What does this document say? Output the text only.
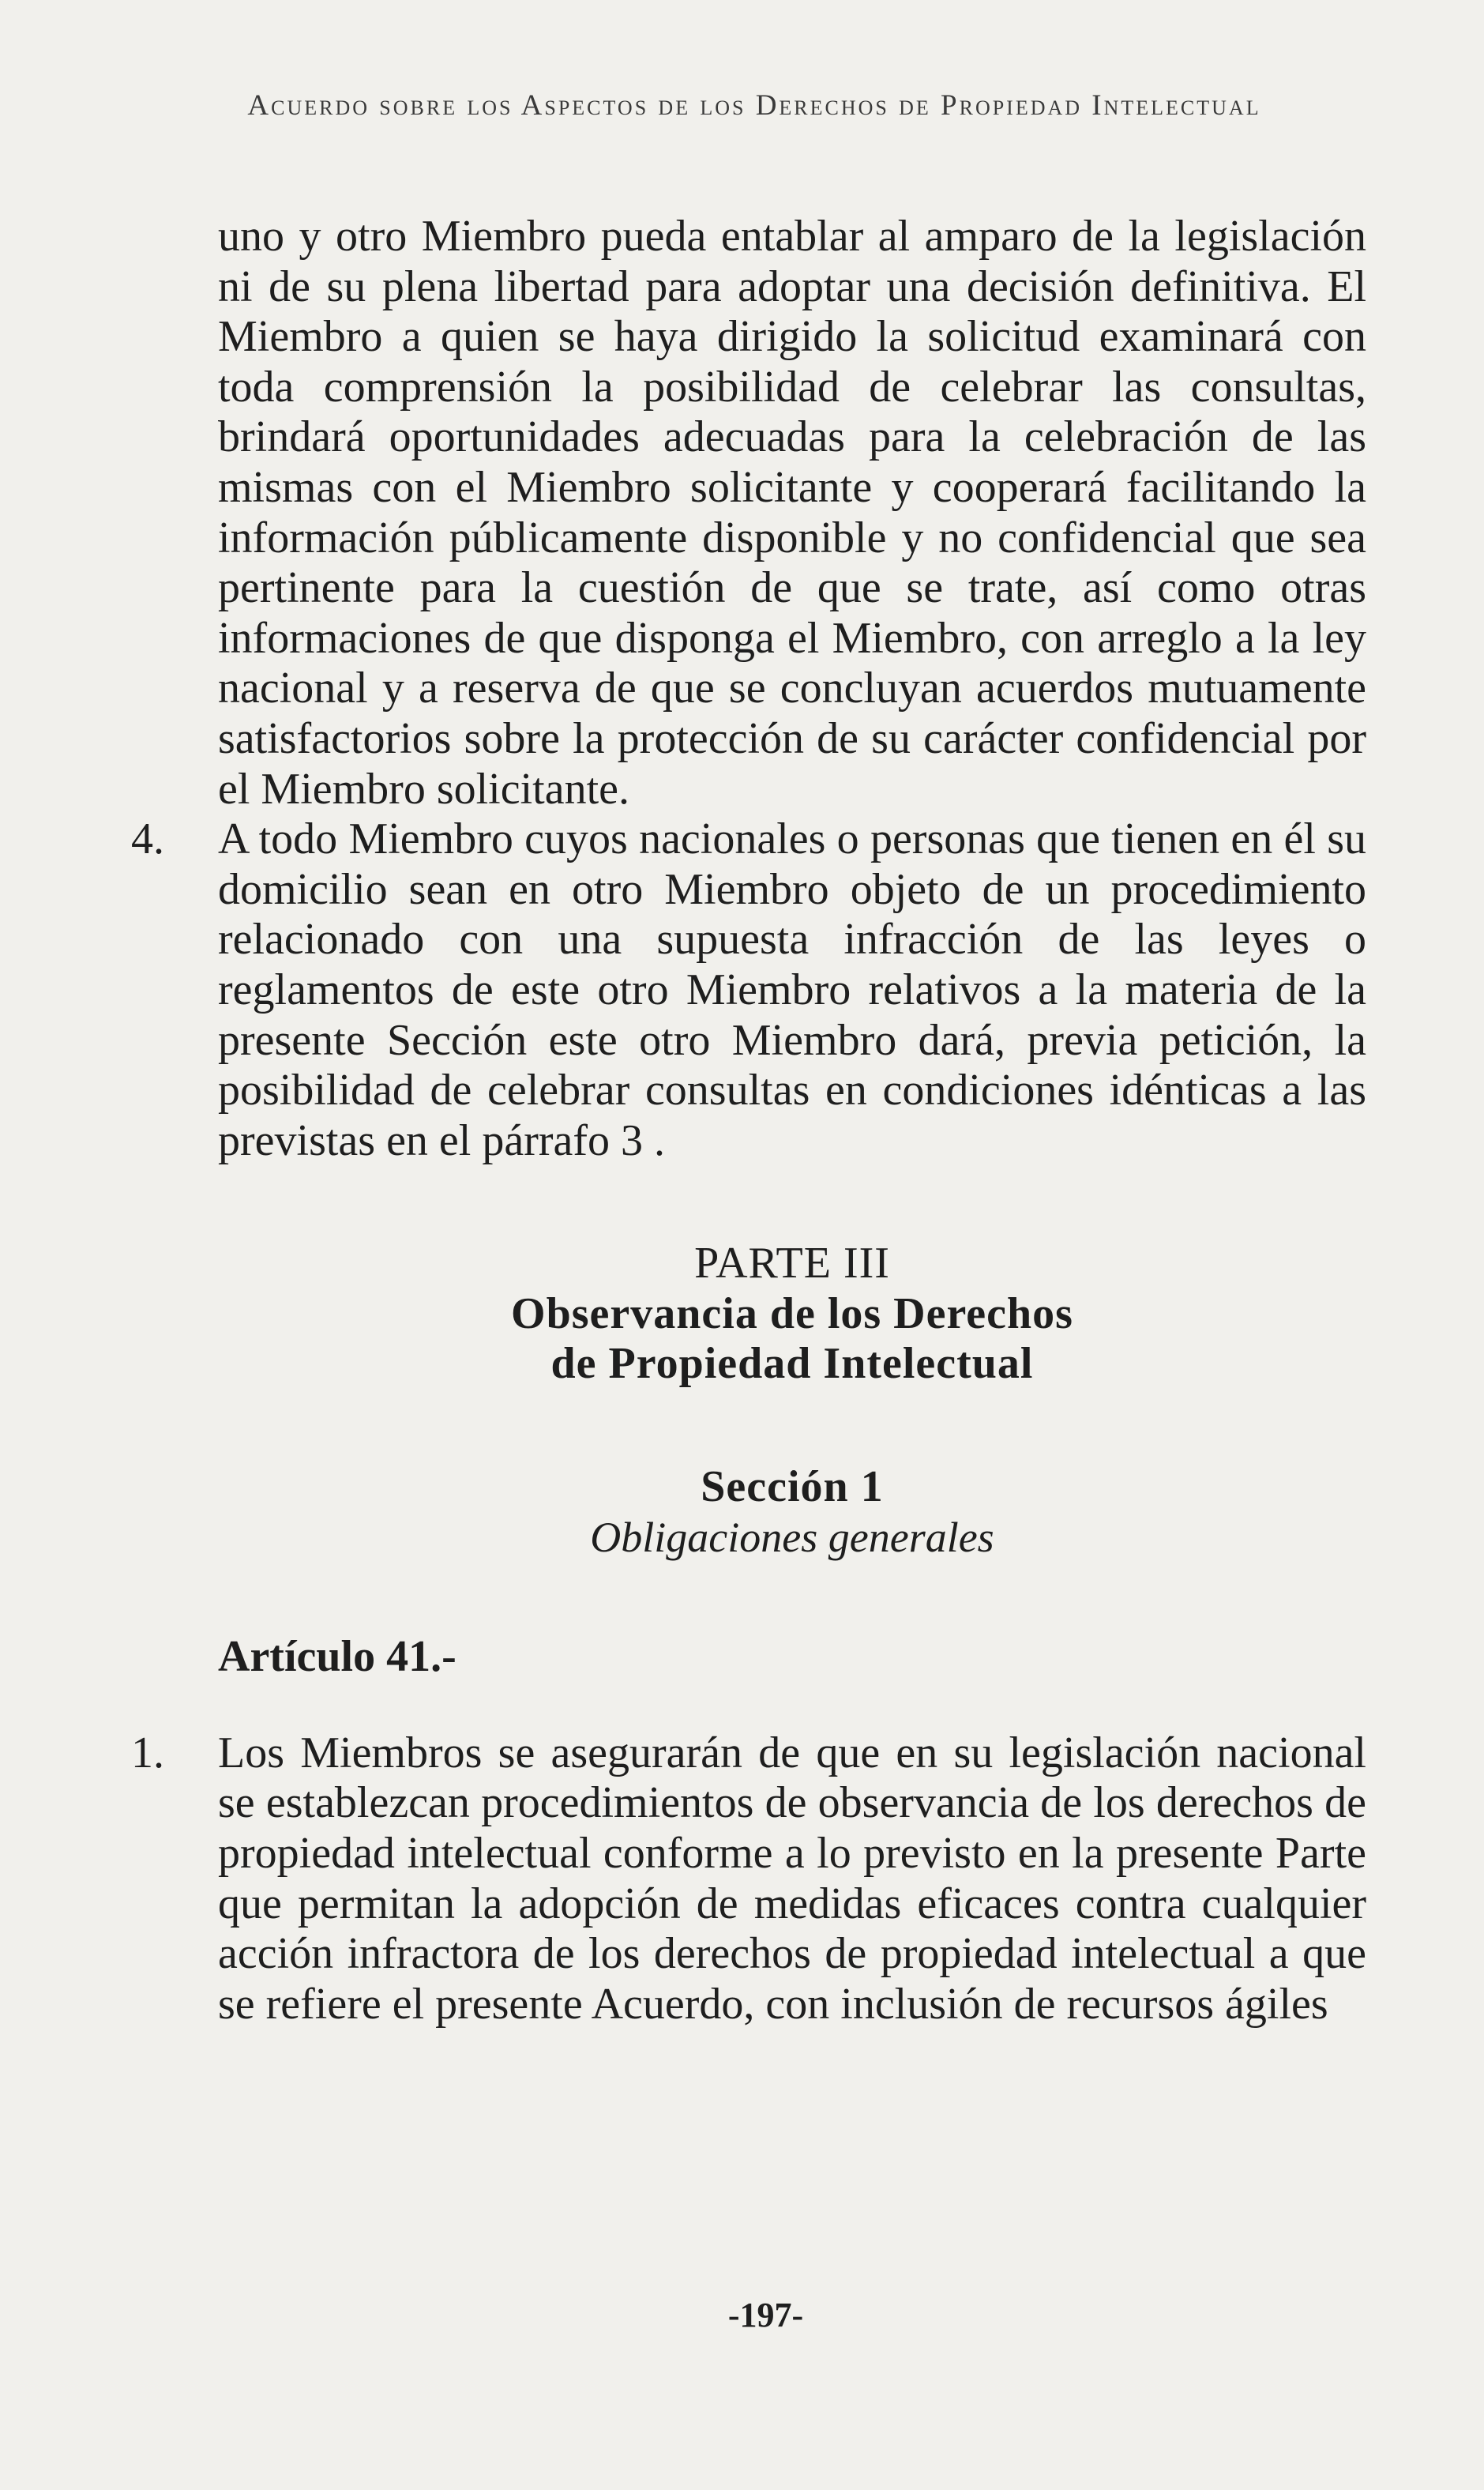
Acuerdo sobre los Aspectos de los Derechos de Propiedad Intelectual
uno y otro Miembro pueda entablar al amparo de la legislación ni de su plena libertad para adoptar una decisión definitiva. El Miembro a quien se haya dirigido la solicitud examinará con toda comprensión la posibilidad de celebrar las consultas, brindará oportunidades adecuadas para la celebración de las mismas con el Miembro solicitante y cooperará facilitando la información públicamente disponible y no confidencial que sea pertinente para la cuestión de que se trate, así como otras informaciones de que disponga el Miembro, con arreglo a la ley nacional y a reserva de que se concluyan acuerdos mutuamente satisfactorios sobre la protección de su carácter confidencial por el Miembro solicitante.
4. A todo Miembro cuyos nacionales o personas que tienen en él su domicilio sean en otro Miembro objeto de un procedimiento relacionado con una supuesta infracción de las leyes o reglamentos de este otro Miembro relativos a la materia de la presente Sección este otro Miembro dará, previa petición, la posibilidad de celebrar consultas en condiciones idénticas a las previstas en el párrafo 3 .
PARTE III
Observancia de los Derechos
de Propiedad Intelectual
Sección 1
Obligaciones generales
Artículo 41.-
1. Los Miembros se asegurarán de que en su legislación nacional se establezcan procedimientos de observancia de los derechos de propiedad intelectual conforme a lo previsto en la presente Parte que permitan la adopción de medidas eficaces contra cualquier acción infractora de los derechos de propiedad intelectual a que se refiere el presente Acuerdo, con inclusión de recursos ágiles
-197-
